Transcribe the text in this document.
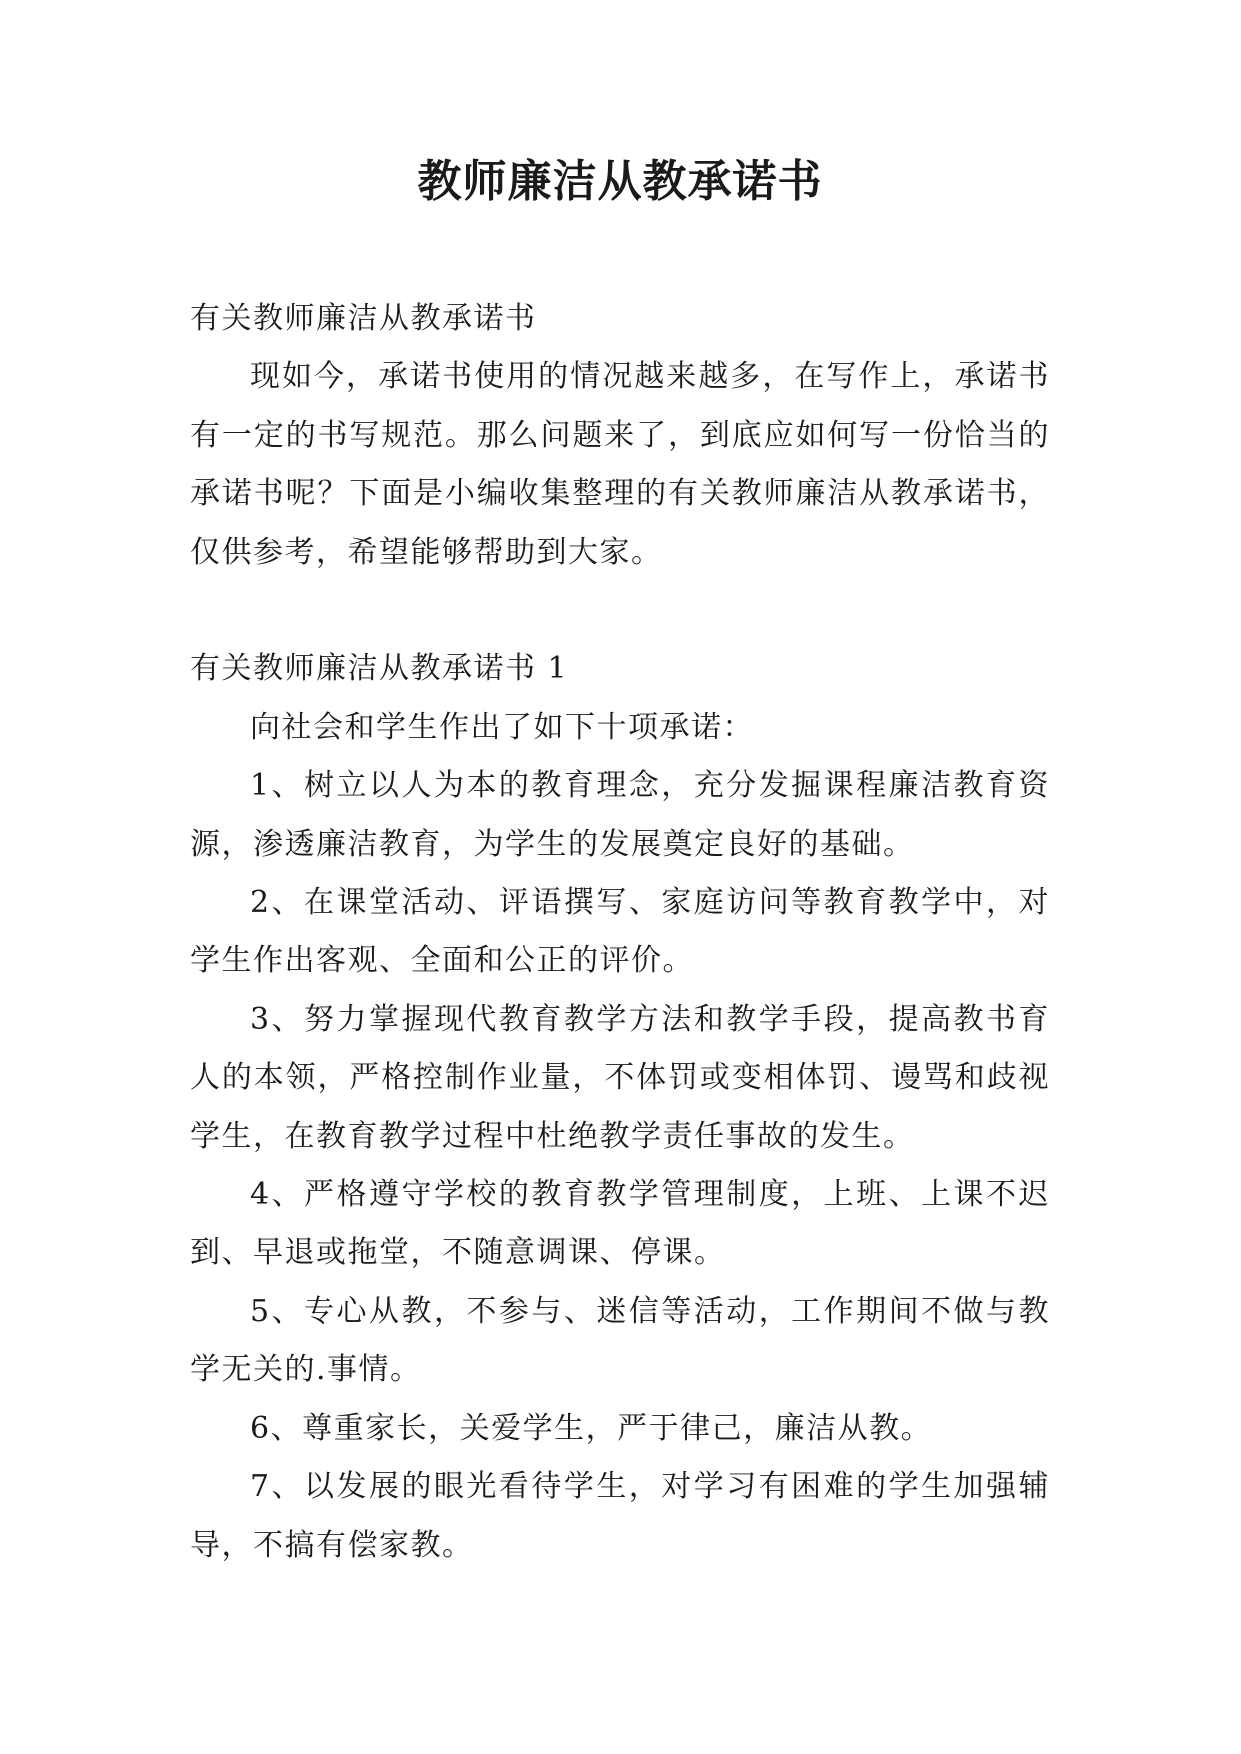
教师廉洁从教承诺书

有关教师廉洁从教承诺书

现如今，承诺书使用的情况越来越多，在写作上，承诺书有一定的书写规范。那么问题来了，到底应如何写一份恰当的承诺书呢？下面是小编收集整理的有关教师廉洁从教承诺书，仅供参考，希望能够帮助到大家。

有关教师廉洁从教承诺书 1

向社会和学生作出了如下十项承诺：

1、树立以人为本的教育理念，充分发掘课程廉洁教育资源，渗透廉洁教育，为学生的发展奠定良好的基础。

2、在课堂活动、评语撰写、家庭访问等教育教学中，对学生作出客观、全面和公正的评价。

3、努力掌握现代教育教学方法和教学手段，提高教书育人的本领，严格控制作业量，不体罚或变相体罚、谩骂和歧视学生，在教育教学过程中杜绝教学责任事故的发生。

4、严格遵守学校的教育教学管理制度，上班、上课不迟到、早退或拖堂，不随意调课、停课。

5、专心从教，不参与、迷信等活动，工作期间不做与教学无关的.事情。

6、尊重家长，关爱学生，严于律己，廉洁从教。

7、以发展的眼光看待学生，对学习有困难的学生加强辅导，不搞有偿家教。
